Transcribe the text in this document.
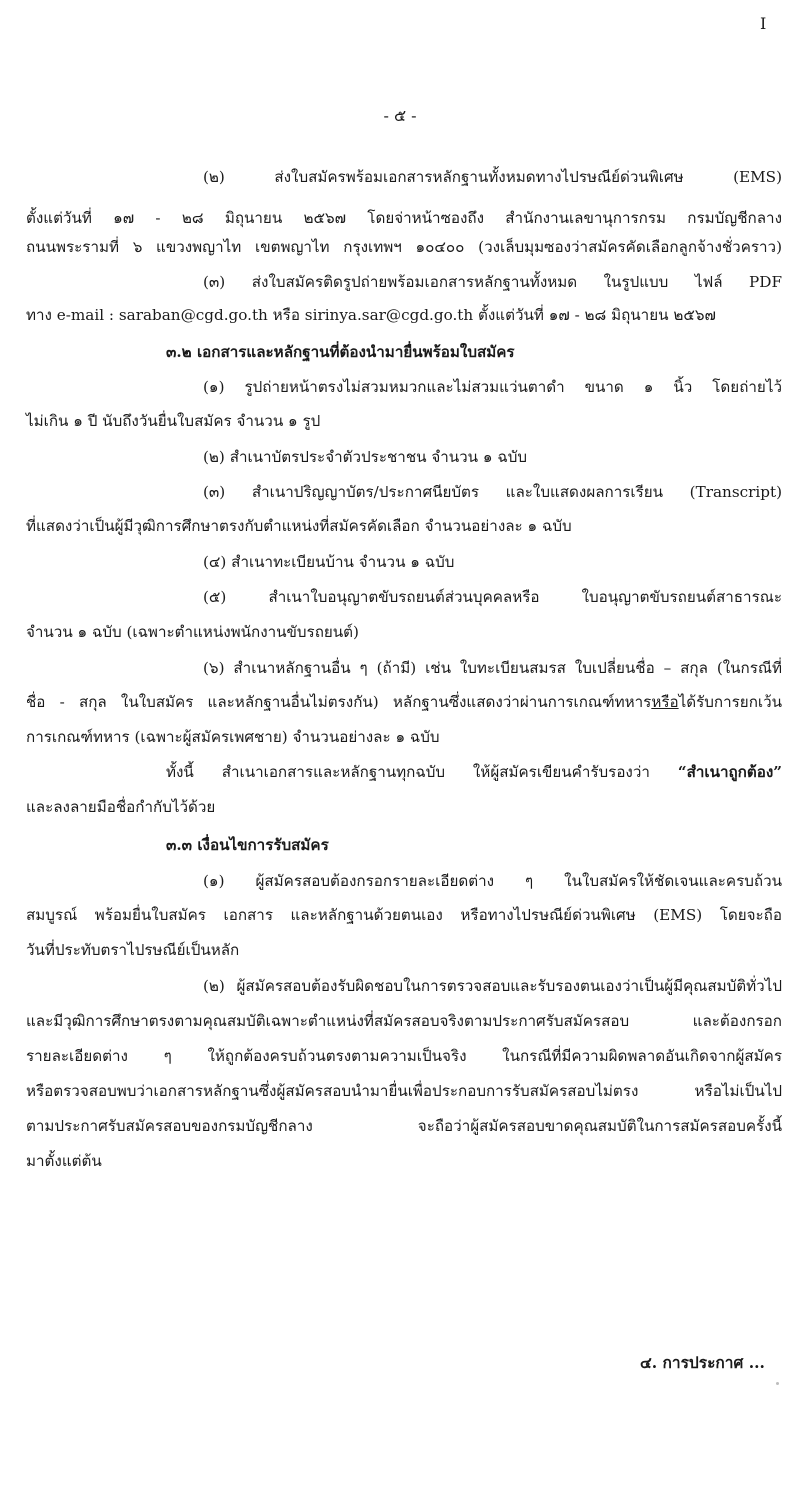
I
- ๕ -
(๒) ส่งใบสมัครพร้อมเอกสารหลักฐานทั้งหมดทางไปรษณีย์ด่วนพิเศษ (EMS)
ตั้งแต่วันที่ ๑๗ - ๒๘ มิถุนายน ๒๕๖๗ โดยจ่าหน้าซองถึง สำนักงานเลขานุการกรม กรมบัญชีกลาง
ถนนพระรามที่ ๖ แขวงพญาไท เขตพญาไท กรุงเทพฯ ๑๐๔๐๐ (วงเล็บมุมซองว่าสมัครคัดเลือกลูกจ้างชั่วคราว)
(๓) ส่งใบสมัครติดรูปถ่ายพร้อมเอกสารหลักฐานทั้งหมด ในรูปแบบ ไฟล์ PDF
ทาง e-mail : saraban@cgd.go.th หรือ sirinya.sar@cgd.go.th ตั้งแต่วันที่ ๑๗ - ๒๘ มิถุนายน ๒๕๖๗
๓.๒ เอกสารและหลักฐานที่ต้องนำมายื่นพร้อมใบสมัคร
(๑) รูปถ่ายหน้าตรงไม่สวมหมวกและไม่สวมแว่นตาดำ ขนาด ๑ นิ้ว โดยถ่ายไว้
ไม่เกิน ๑ ปี นับถึงวันยื่นใบสมัคร จำนวน ๑ รูป
(๒) สำเนาบัตรประจำตัวประชาชน จำนวน ๑ ฉบับ
(๓) สำเนาปริญญาบัตร/ประกาศนียบัตร และใบแสดงผลการเรียน (Transcript)
ที่แสดงว่าเป็นผู้มีวุฒิการศึกษาตรงกับตำแหน่งที่สมัครคัดเลือก จำนวนอย่างละ ๑ ฉบับ
(๔) สำเนาทะเบียนบ้าน จำนวน ๑ ฉบับ
(๕) สำเนาใบอนุญาตขับรถยนต์ส่วนบุคคลหรือ ใบอนุญาตขับรถยนต์สาธารณะ
จำนวน ๑ ฉบับ (เฉพาะตำแหน่งพนักงานขับรถยนต์)
(๖) สำเนาหลักฐานอื่น ๆ (ถ้ามี) เช่น ใบทะเบียนสมรส ใบเปลี่ยนชื่อ – สกุล (ในกรณีที่
ชื่อ - สกุล ในใบสมัคร และหลักฐานอื่นไม่ตรงกัน) หลักฐานซึ่งแสดงว่าผ่านการเกณฑ์ทหารหรือได้รับการยกเว้น
การเกณฑ์ทหาร (เฉพาะผู้สมัครเพศชาย) จำนวนอย่างละ ๑ ฉบับ
ทั้งนี้ สำเนาเอกสารและหลักฐานทุกฉบับ ให้ผู้สมัครเขียนคำรับรองว่า “สำเนาถูกต้อง”
และลงลายมือชื่อกำกับไว้ด้วย
๓.๓ เงื่อนไขการรับสมัคร
(๑) ผู้สมัครสอบต้องกรอกรายละเอียดต่าง ๆ ในใบสมัครให้ชัดเจนและครบถ้วน
สมบูรณ์ พร้อมยื่นใบสมัคร เอกสาร และหลักฐานด้วยตนเอง หรือทางไปรษณีย์ด่วนพิเศษ (EMS) โดยจะถือ
วันที่ประทับตราไปรษณีย์เป็นหลัก
(๒) ผู้สมัครสอบต้องรับผิดชอบในการตรวจสอบและรับรองตนเองว่าเป็นผู้มีคุณสมบัติทั่วไป
และมีวุฒิการศึกษาตรงตามคุณสมบัติเฉพาะตำแหน่งที่สมัครสอบจริงตามประกาศรับสมัครสอบ และต้องกรอก
รายละเอียดต่าง ๆ ให้ถูกต้องครบถ้วนตรงตามความเป็นจริง ในกรณีที่มีความผิดพลาดอันเกิดจากผู้สมัคร
หรือตรวจสอบพบว่าเอกสารหลักฐานซึ่งผู้สมัครสอบนำมายื่นเพื่อประกอบการรับสมัครสอบไม่ตรง หรือไม่เป็นไป
ตามประกาศรับสมัครสอบของกรมบัญชีกลาง จะถือว่าผู้สมัครสอบขาดคุณสมบัติในการสมัครสอบครั้งนี้
มาตั้งแต่ต้น
๔. การประกาศ ...
